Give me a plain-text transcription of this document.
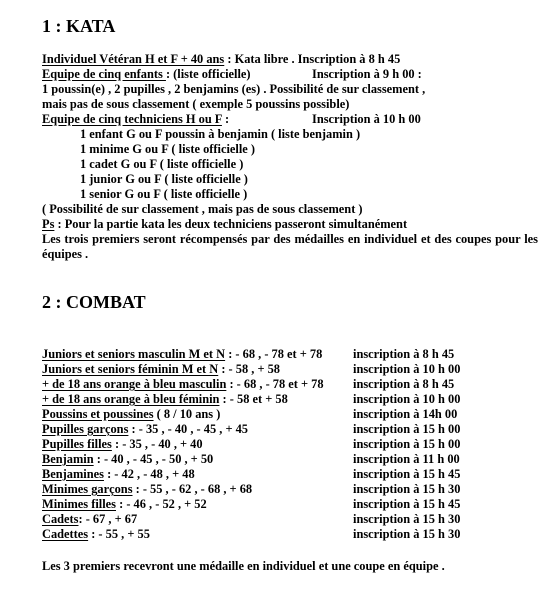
1 : KATA
Individuel Vétéran H et F + 40 ans : Kata libre . Inscription à 8 h 45
Equipe de cinq enfants : (liste officielle)	Inscription à 9 h 00 :
1 poussin(e) , 2 pupilles , 2 benjamins (es) . Possibilité de sur classement ,
mais pas de sous classement ( exemple 5 poussins possible)
Equipe de cinq techniciens H ou F :	Inscription à 10 h 00
1 enfant G ou F poussin à benjamin ( liste benjamin )
1 minime G ou F ( liste officielle )
1 cadet G ou F ( liste officielle )
1 junior G ou F ( liste officielle )
1 senior G ou F ( liste officielle )
( Possibilité de sur classement , mais pas de sous classement )
Ps : Pour la partie kata les deux techniciens passeront simultanément
Les trois premiers seront récompensés par des médailles en individuel et des coupes pour les équipes .
2 : COMBAT
Juniors et seniors masculin M et N : - 68 , - 78 et + 78 inscription à 8 h 45
Juniors et seniors féminin M et N : - 58 , + 58	inscription à 10 h 00
+ de 18 ans orange à bleu masculin : - 68 , - 78 et + 78 inscription à 8 h 45
+ de 18 ans orange à bleu féminin : - 58 et + 58	inscription à 10 h 00
Poussins et poussines ( 8 / 10 ans )	inscription à 14h 00
Pupilles garçons : - 35 , - 40 , - 45 , + 45	inscription à 15 h 00
Pupilles filles : - 35 , - 40 , + 40	inscription à 15 h 00
Benjamin : - 40 , - 45 , - 50 , + 50	inscription à 11 h 00
Benjamines : - 42 , - 48 , + 48	inscription à 15 h 45
Minimes garçons : - 55 , - 62 , - 68 , + 68	inscription à 15 h 30
Minimes filles : - 46 , - 52 , + 52	inscription à 15 h 45
Cadets: - 67 , + 67	inscription à 15 h 30
Cadettes : - 55 , + 55	inscription à 15 h 30
Les 3 premiers recevront une médaille en individuel et une coupe en équipe .
